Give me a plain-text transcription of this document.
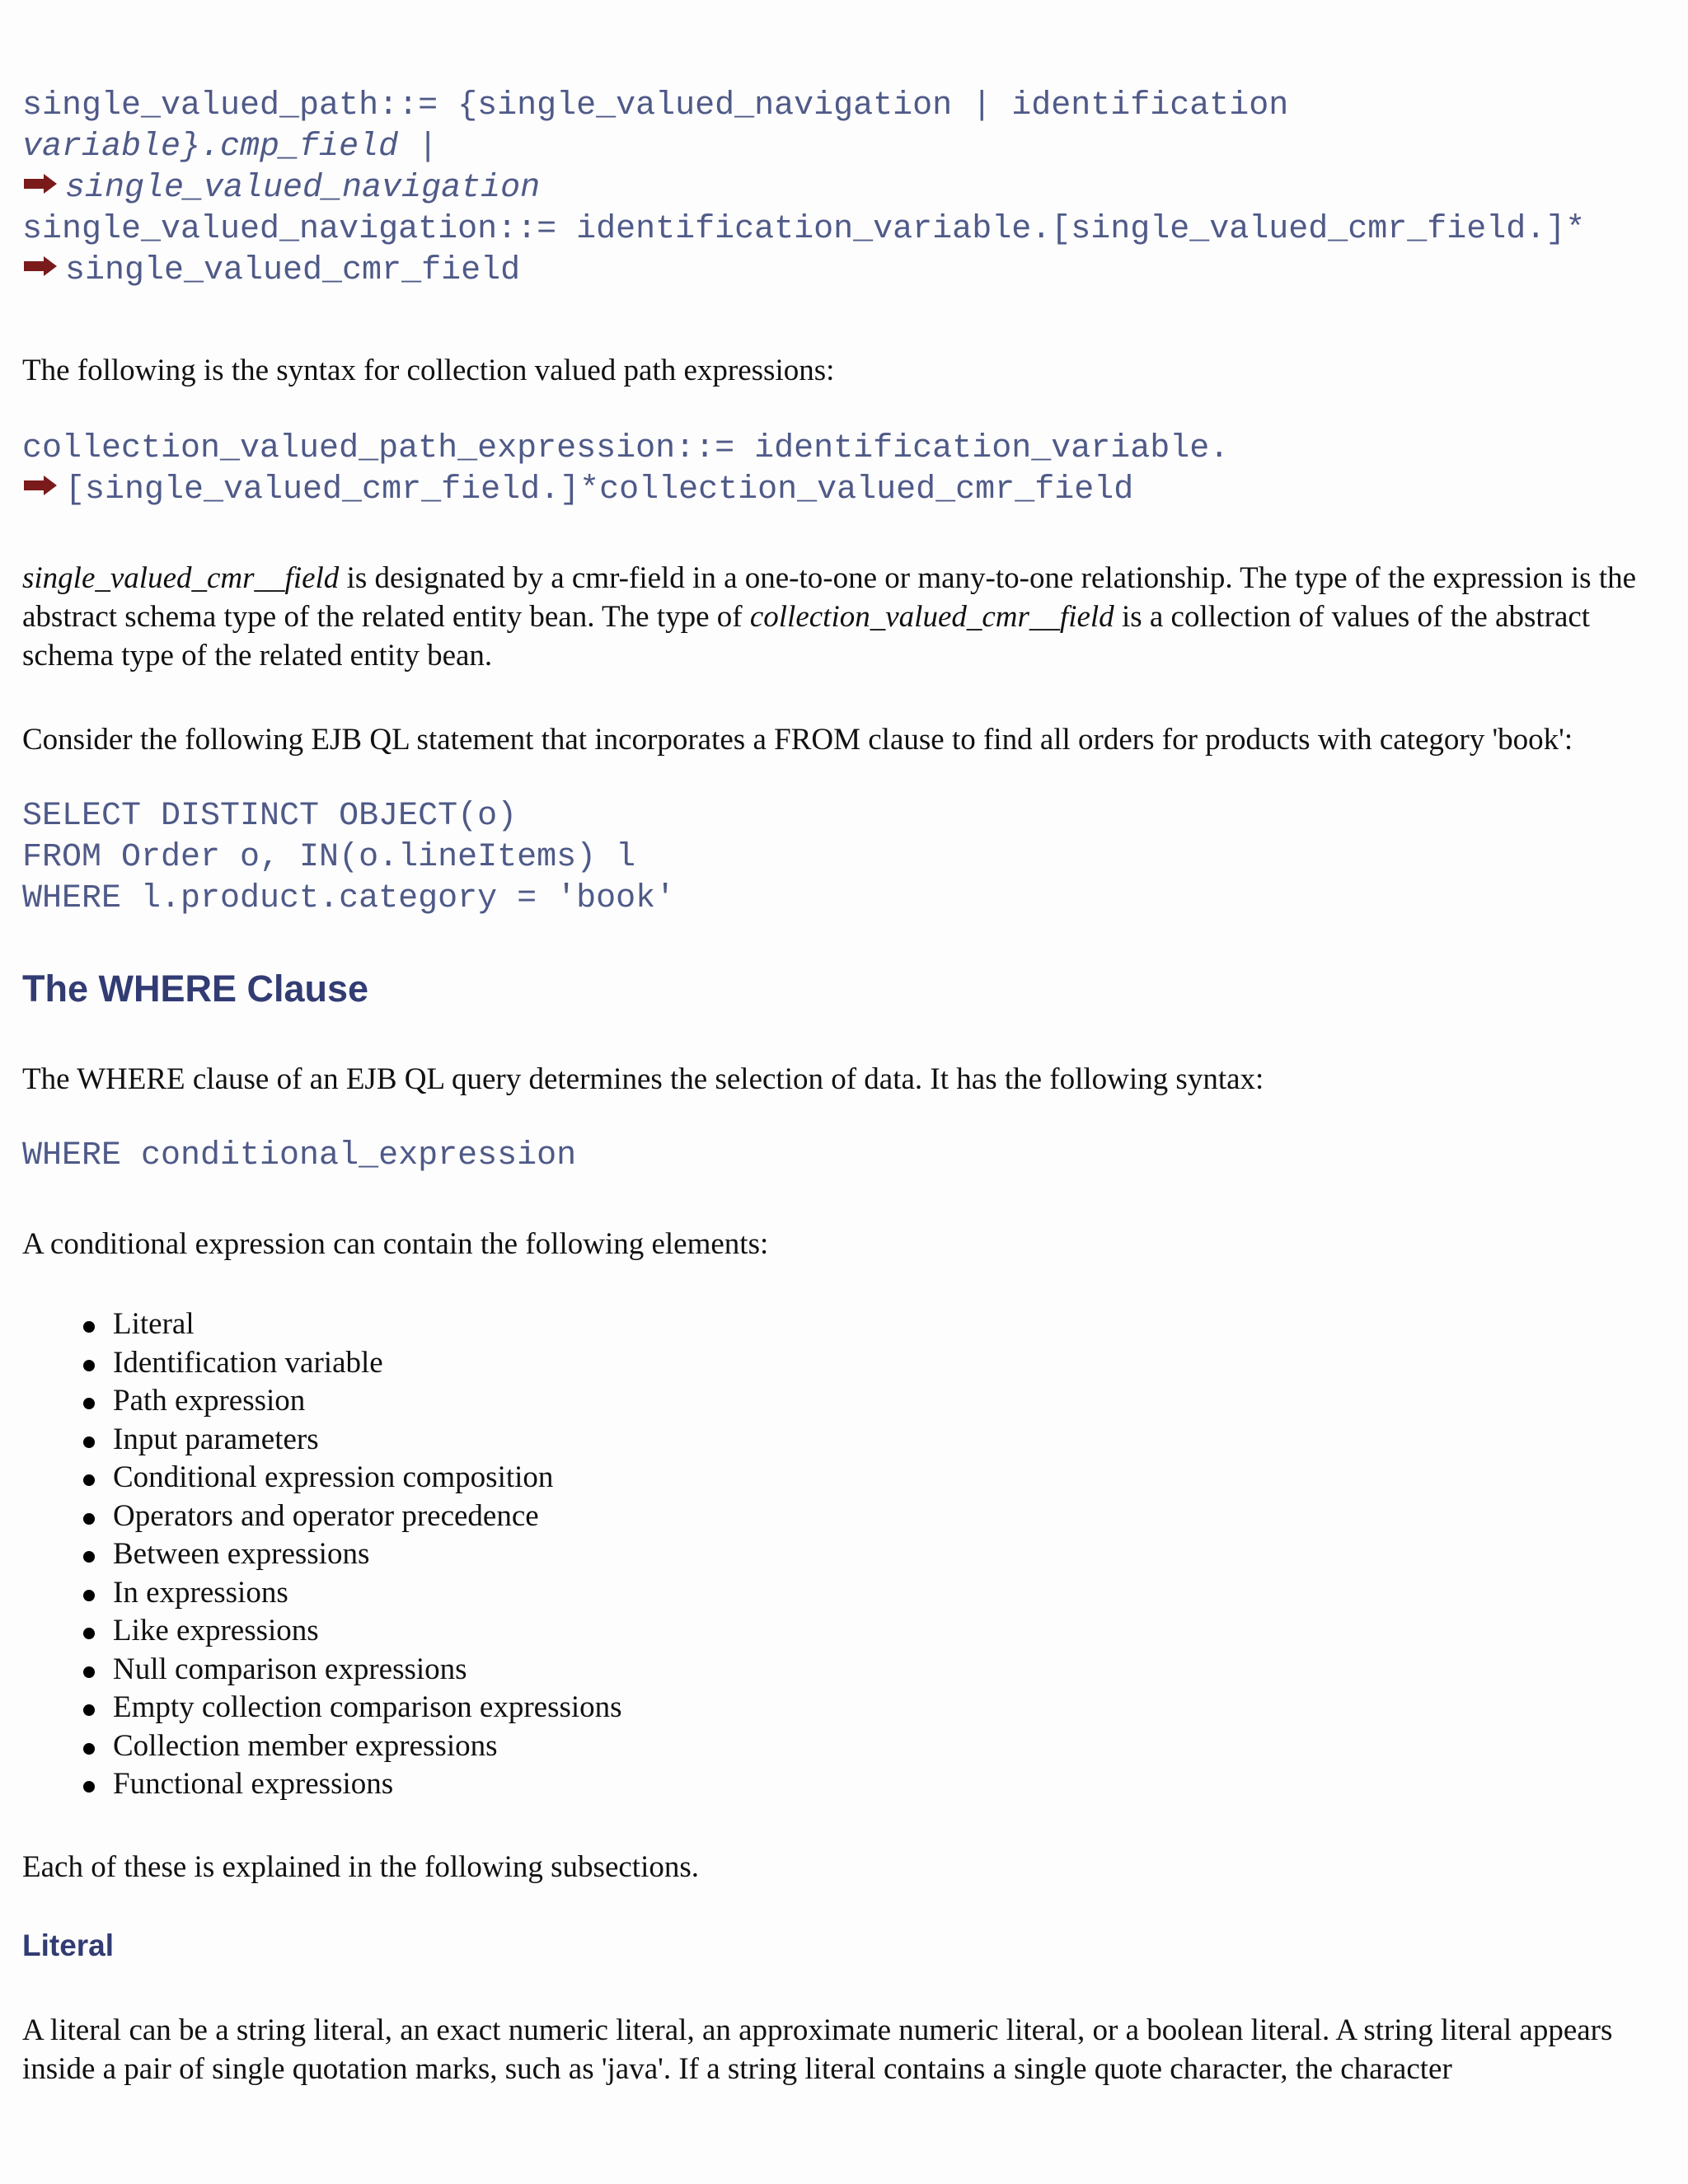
single_valued_path::= {single_valued_navigation | identification
variable}.cmp_field |
single_valued_navigation
single_valued_navigation::= identification_variable.[single_valued_cmr_field.]*
single_valued_cmr_field

The following is the syntax for collection valued path expressions:

collection_valued_path_expression::= identification_variable.
[single_valued_cmr_field.]*collection_valued_cmr_field

single_valued_cmr__field is designated by a cmr-field in a one-to-one or many-to-one relationship. The type of the expression is the abstract schema type of the related entity bean. The type of collection_valued_cmr__field is a collection of values of the abstract schema type of the related entity bean.

Consider the following EJB QL statement that incorporates a FROM clause to find all orders for products with category 'book':

SELECT DISTINCT OBJECT(o)
FROM Order o, IN(o.lineItems) l
WHERE l.product.category = 'book'
The WHERE Clause

The WHERE clause of an EJB QL query determines the selection of data. It has the following syntax:

WHERE conditional_expression

A conditional expression can contain the following elements:

Literal
Identification variable
Path expression
Input parameters
Conditional expression composition
Operators and operator precedence
Between expressions
In expressions
Like expressions
Null comparison expressions
Empty collection comparison expressions
Collection member expressions
Functional expressions

Each of these is explained in the following subsections.

Literal

A literal can be a string literal, an exact numeric literal, an approximate numeric literal, or a boolean literal. A string literal appears inside a pair of single quotation marks, such as 'java'. If a string literal contains a single quote character, the character
